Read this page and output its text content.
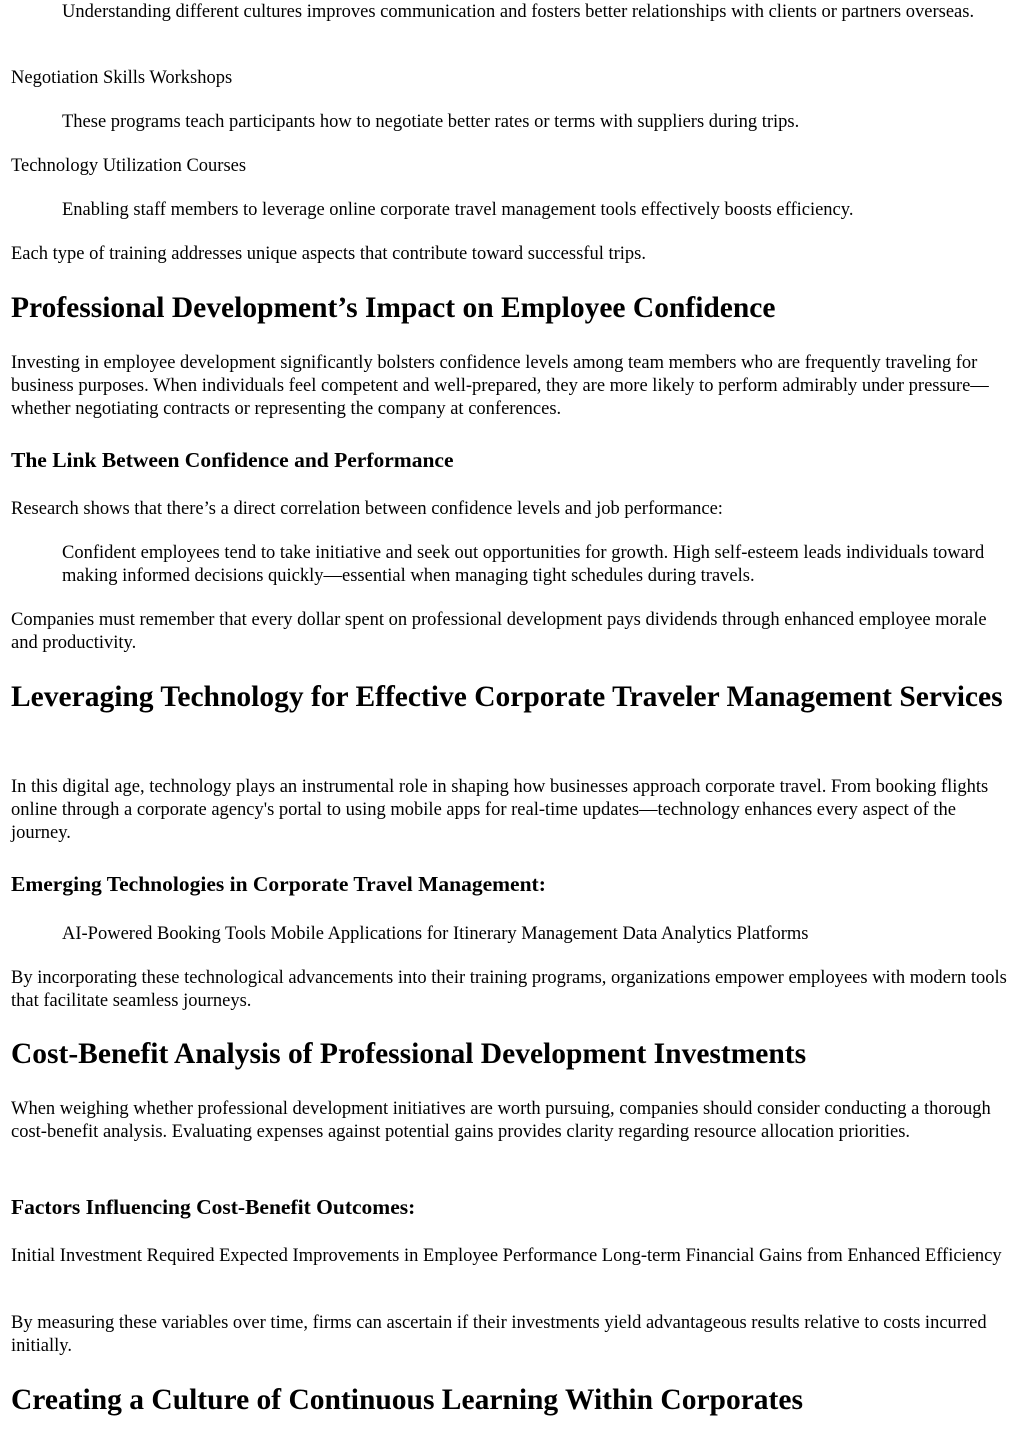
Understanding different cultures improves communication and fosters better relationships with clients or partners overseas.

Negotiation Skills Workshops

These programs teach participants how to negotiate better rates or terms with suppliers during trips.

Technology Utilization Courses

Enabling staff members to leverage online corporate travel management tools effectively boosts efficiency.

Each type of training addresses unique aspects that contribute toward successful trips.

Professional Development’s Impact on Employee Confidence

Investing in employee development significantly bolsters confidence levels among team members who are frequently traveling for business purposes. When individuals feel competent and well-prepared, they are more likely to perform admirably under pressure—whether negotiating contracts or representing the company at conferences.

The Link Between Confidence and Performance

Research shows that there’s a direct correlation between confidence levels and job performance:

Confident employees tend to take initiative and seek out opportunities for growth. High self-esteem leads individuals toward making informed decisions quickly—essential when managing tight schedules during travels.

Companies must remember that every dollar spent on professional development pays dividends through enhanced employee morale and productivity.

Leveraging Technology for Effective Corporate Traveler Management Services

In this digital age, technology plays an instrumental role in shaping how businesses approach corporate travel. From booking flights online through a corporate agency's portal to using mobile apps for real-time updates—technology enhances every aspect of the journey.

Emerging Technologies in Corporate Travel Management:

AI-Powered Booking Tools Mobile Applications for Itinerary Management Data Analytics Platforms

By incorporating these technological advancements into their training programs, organizations empower employees with modern tools that facilitate seamless journeys.

Cost-Benefit Analysis of Professional Development Investments

When weighing whether professional development initiatives are worth pursuing, companies should consider conducting a thorough cost-benefit analysis. Evaluating expenses against potential gains provides clarity regarding resource allocation priorities.

Factors Influencing Cost-Benefit Outcomes:

Initial Investment Required Expected Improvements in Employee Performance Long-term Financial Gains from Enhanced Efficiency

By measuring these variables over time, firms can ascertain if their investments yield advantageous results relative to costs incurred initially.

Creating a Culture of Continuous Learning Within Corporates
